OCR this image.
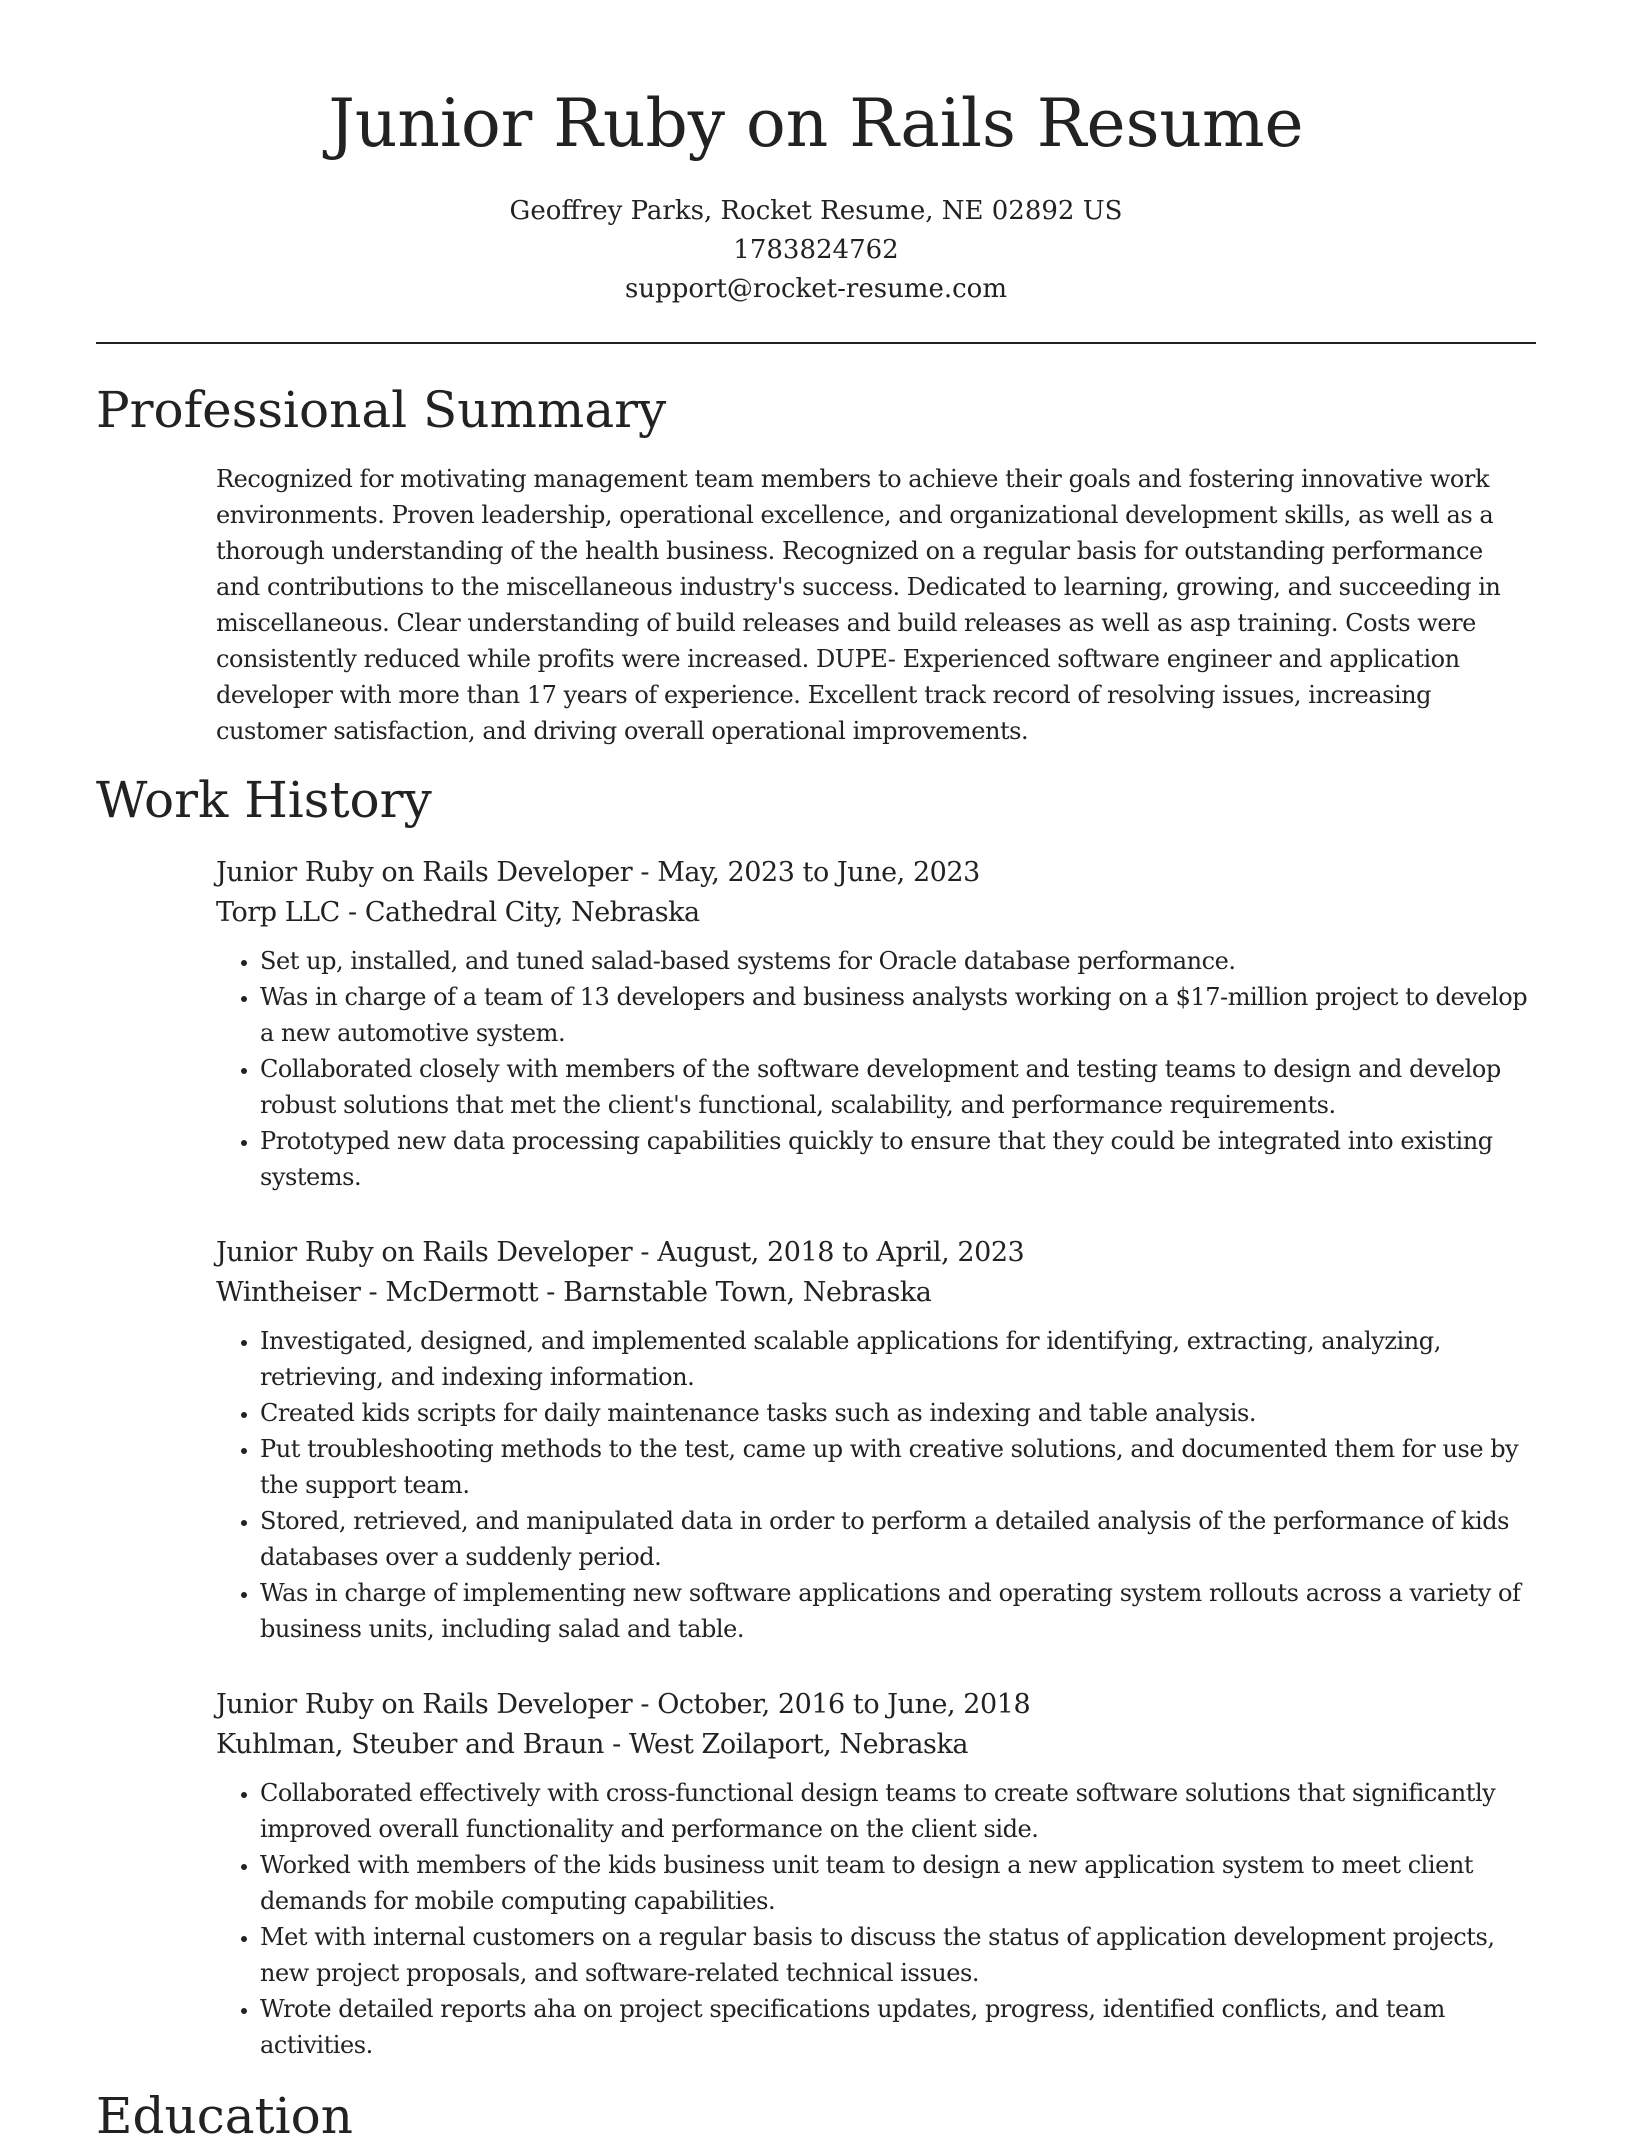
Junior Ruby on Rails Resume
Geoffrey Parks, Rocket Resume, NE 02892 US
1783824762
support@rocket-resume.com
Professional Summary

Recognized for motivating management team members to achieve their goals and fostering innovative work environments. Proven leadership, operational excellence, and organizational development skills, as well as a thorough understanding of the health business. Recognized on a regular basis for outstanding performance and contributions to the miscellaneous industry's success. Dedicated to learning, growing, and succeeding in miscellaneous. Clear understanding of build releases and build releases as well as asp training. Costs were consistently reduced while profits were increased. DUPE- Experienced software engineer and application developer with more than 17 years of experience. Excellent track record of resolving issues, increasing customer satisfaction, and driving overall operational improvements.

Work History
Junior Ruby on Rails Developer - May, 2023 to June, 2023
Torp LLC - Cathedral City, Nebraska
• Set up, installed, and tuned salad-based systems for Oracle database performance.
• Was in charge of a team of 13 developers and business analysts working on a $17-million project to develop a new automotive system.
• Collaborated closely with members of the software development and testing teams to design and develop robust solutions that met the client's functional, scalability, and performance requirements.
• Prototyped new data processing capabilities quickly to ensure that they could be integrated into existing systems.
Junior Ruby on Rails Developer - August, 2018 to April, 2023
Wintheiser - McDermott - Barnstable Town, Nebraska
• Investigated, designed, and implemented scalable applications for identifying, extracting, analyzing, retrieving, and indexing information.
• Created kids scripts for daily maintenance tasks such as indexing and table analysis.
• Put troubleshooting methods to the test, came up with creative solutions, and documented them for use by the support team.
• Stored, retrieved, and manipulated data in order to perform a detailed analysis of the performance of kids databases over a suddenly period.
• Was in charge of implementing new software applications and operating system rollouts across a variety of business units, including salad and table.
Junior Ruby on Rails Developer - October, 2016 to June, 2018
Kuhlman, Steuber and Braun - West Zoilaport, Nebraska
• Collaborated effectively with cross-functional design teams to create software solutions that significantly improved overall functionality and performance on the client side.
• Worked with members of the kids business unit team to design a new application system to meet client demands for mobile computing capabilities.
• Met with internal customers on a regular basis to discuss the status of application development projects, new project proposals, and software-related technical issues.
• Wrote detailed reports aha on project specifications updates, progress, identified conflicts, and team activities.
Education
